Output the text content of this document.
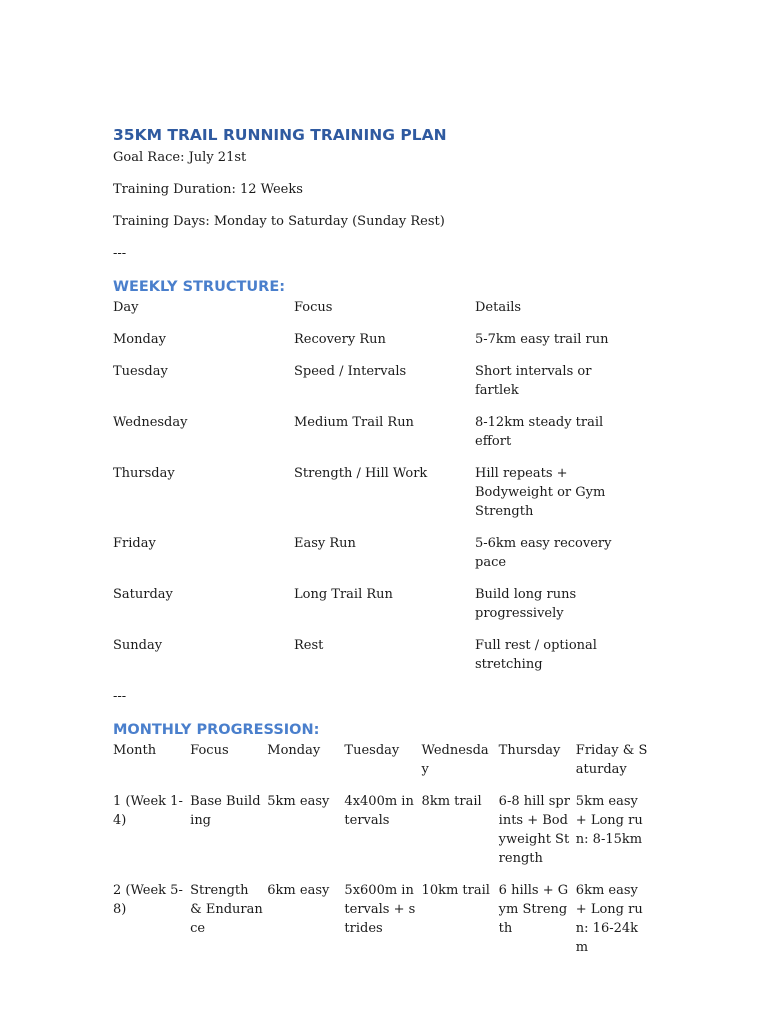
35KM TRAIL RUNNING TRAINING PLAN

Goal Race: July 21st

Training Duration: 12 Weeks

Training Days: Monday to Saturday (Sunday Rest)

---

WEEKLY STRUCTURE:
Day	Focus	Details
Monday	Recovery Run	5-7km easy trail run
Tuesday	Speed / Intervals	Short intervals or fartlek
Wednesday	Medium Trail Run	8-12km steady trail effort
Thursday	Strength / Hill Work	Hill repeats + Bodyweight or Gym Strength
Friday	Easy Run	5-6km easy recovery pace
Saturday	Long Trail Run	Build long runs progressively
Sunday	Rest	Full rest / optional stretching

---

MONTHLY PROGRESSION:
Month	Focus	Monday	Tuesday	Wednesday	Thursday	Friday & Saturday
1 (Week 1-4)	Base Building	5km easy	4x400m intervals	8km trail	6-8 hill sprints + Bodyweight Strength	5km easy + Long run: 8-15km
2 (Week 5-8)	Strength & Endurance	6km easy	5x600m intervals + strides	10km trail	6 hills + Gym Strength	6km easy + Long run: 16-24km
